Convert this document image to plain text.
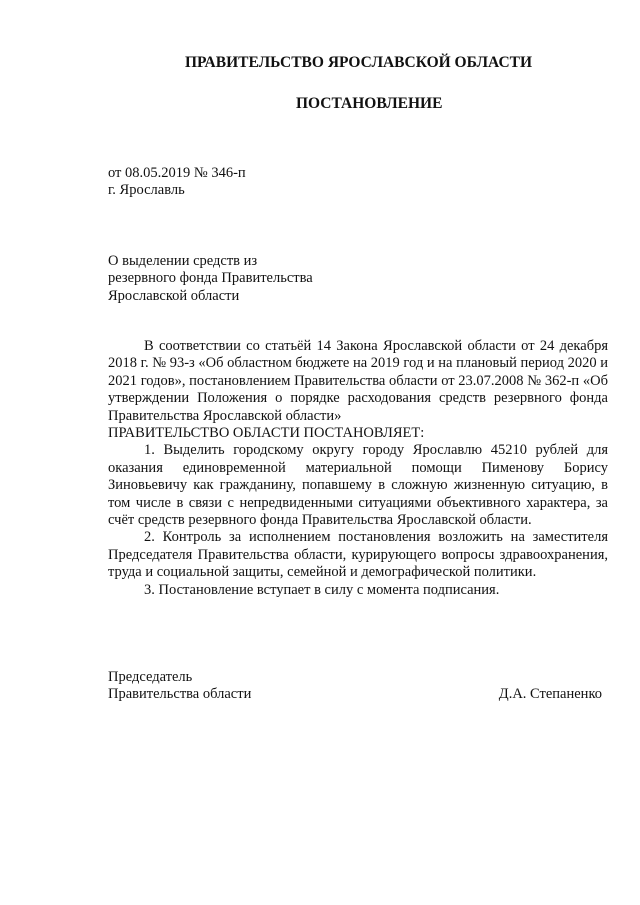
ПРАВИТЕЛЬСТВО ЯРОСЛАВСКОЙ ОБЛАСТИ
ПОСТАНОВЛЕНИЕ
от 08.05.2019 № 346-п
г. Ярославль
О выделении средств из
резервного фонда Правительства
Ярославской области

В соответствии со статьёй 14 Закона Ярославской области от 24 декабря 2018 г. № 93-з «Об областном бюджете на 2019 год и на плановый период 2020 и 2021 годов», постановлением Правительства области от 23.07.2008 № 362-п «Об утверждении Положения о порядке расходования средств резервного фонда Правительства Ярославской области»

ПРАВИТЕЛЬСТВО ОБЛАСТИ ПОСТАНОВЛЯЕТ:

1. Выделить городскому округу городу Ярославлю 45210 рублей для оказания единовременной материальной помощи Пименову Борису Зиновьевичу как гражданину, попавшему в сложную жизненную ситуацию, в том числе в связи с непредвиденными ситуациями объективного характера, за счёт средств резервного фонда Правительства Ярославской области.

2. Контроль за исполнением постановления возложить на заместителя Председателя Правительства области, курирующего вопросы здравоохранения, труда и социальной защиты, семейной и демографической политики.

3. Постановление вступает в силу с момента подписания.

Председатель
Правительства области	Д.А. Степаненко
